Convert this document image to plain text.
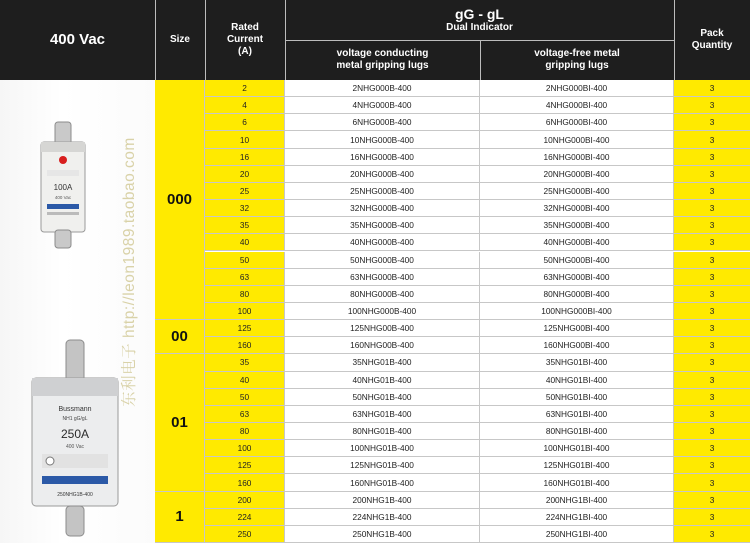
400 Vac	Size
Rated Current (A)
gG - gL
Dual Indicator
voltage conducting metal gripping lugs
voltage-free metal gripping lugs
Pack Quantity
100A
400 Vac
Bussmann
NH1 gG/gL
250A
400 Vac
250NHG1B-400
东利电子 http://leon1989.taobao.com	000
2	2NHG000B-400	2NHG000BI-400	3
4	4NHG000B-400	4NHG000BI-400	3
6	6NHG000B-400	6NHG000BI-400	3
10	10NHG000B-400	10NHG000BI-400	3
16	16NHG000B-400	16NHG000BI-400	3
20	20NHG000B-400	20NHG000BI-400	3
25	25NHG000B-400	25NHG000BI-400	3
32	32NHG000B-400	32NHG000BI-400	3
35	35NHG000B-400	35NHG000BI-400	3
40	40NHG000B-400	40NHG000BI-400	3
50	50NHG000B-400	50NHG000BI-400	3
63	63NHG000B-400	63NHG000BI-400	3
80	80NHG000B-400	80NHG000BI-400	3
100	100NHG000B-400	100NHG000BI-400	3
00
125	125NHG00B-400	125NHG00BI-400	3
160	160NHG00B-400	160NHG00BI-400	3
01
35	35NHG01B-400	35NHG01BI-400	3
40	40NHG01B-400	40NHG01BI-400	3
50	50NHG01B-400	50NHG01BI-400	3
63	63NHG01B-400	63NHG01BI-400	3
80	80NHG01B-400	80NHG01BI-400	3
100	100NHG01B-400	100NHG01BI-400	3
125	125NHG01B-400	125NHG01BI-400	3
160	160NHG01B-400	160NHG01BI-400	3
1
200	200NHG1B-400	200NHG1BI-400	3
224	224NHG1B-400	224NHG1BI-400	3
250	250NHG1B-400	250NHG1BI-400	3
